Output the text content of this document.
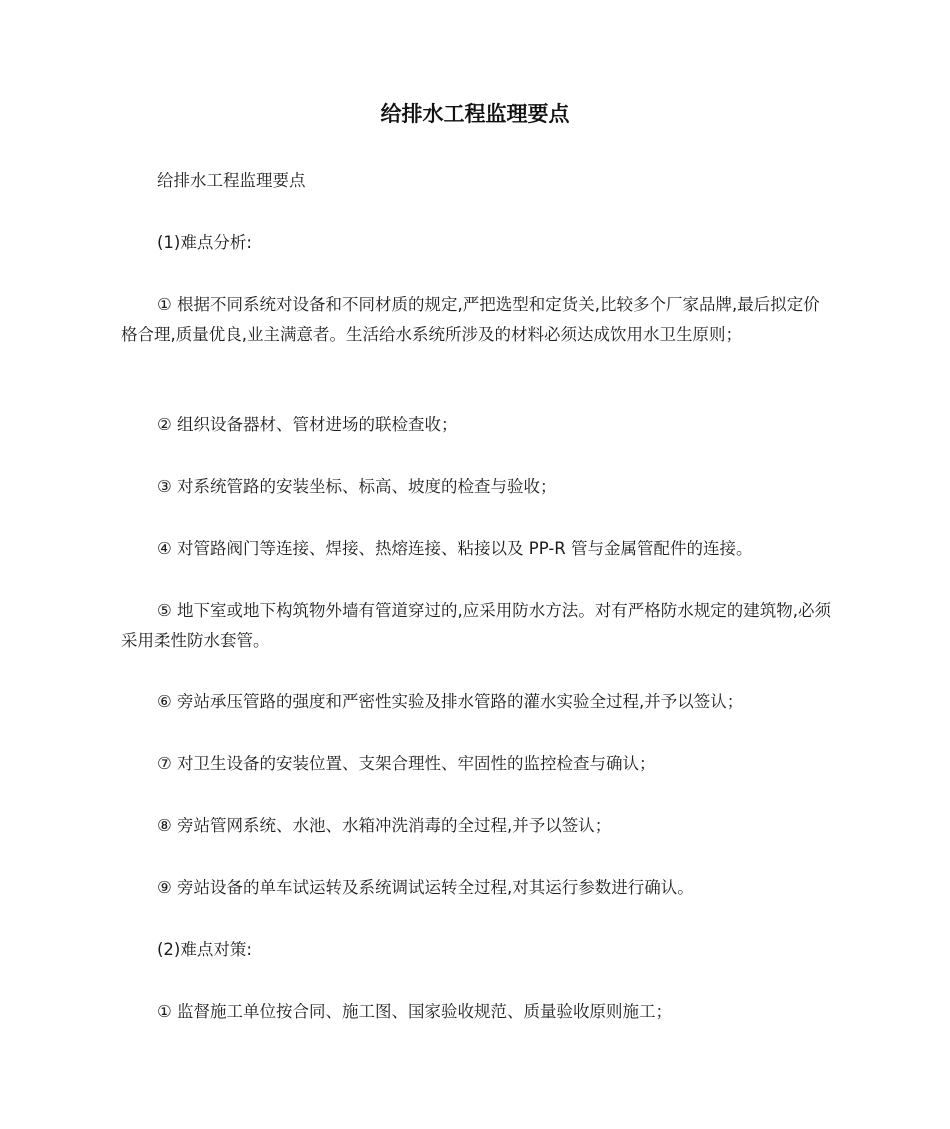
给排水工程监理要点

给排水工程监理要点

(1)难点分析:

① 根据不同系统对设备和不同材质的规定,严把选型和定货关,比较多个厂家品牌,最后拟定价格合理,质量优良,业主满意者。生活给水系统所涉及的材料必须达成饮用水卫生原则；

② 组织设备器材、管材进场的联检查收；

③ 对系统管路的安装坐标、标高、坡度的检查与验收；

④ 对管路阀门等连接、焊接、热熔连接、粘接以及 PP-R 管与金属管配件的连接。

⑤ 地下室或地下构筑物外墙有管道穿过的,应采用防水方法。对有严格防水规定的建筑物,必须采用柔性防水套管。

⑥ 旁站承压管路的强度和严密性实验及排水管路的灌水实验全过程,并予以签认；

⑦ 对卫生设备的安装位置、支架合理性、牢固性的监控检查与确认；

⑧ 旁站管网系统、水池、水箱冲洗消毒的全过程,并予以签认；

⑨ 旁站设备的单车试运转及系统调试运转全过程,对其运行参数进行确认。

(2)难点对策:

① 监督施工单位按合同、施工图、国家验收规范、质量验收原则施工；
